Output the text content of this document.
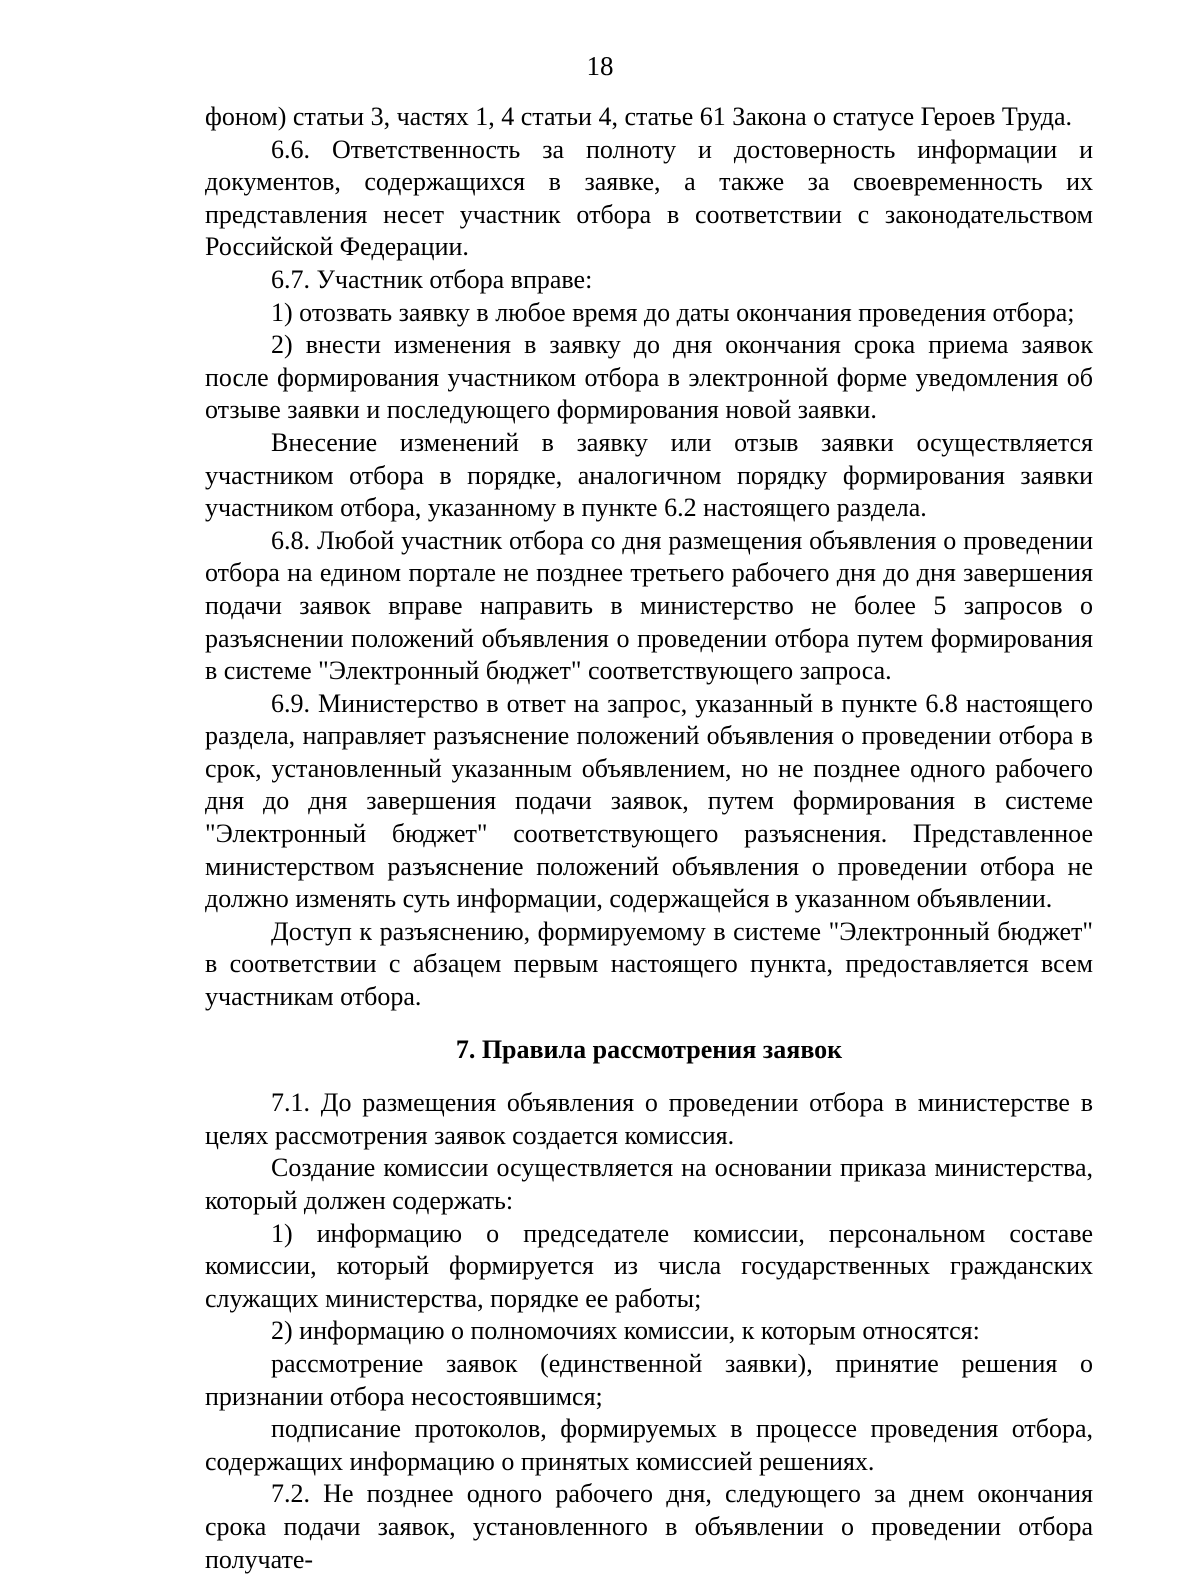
18

фоном) статьи 3, частях 1, 4 статьи 4, статье 61 Закона о статусе Героев Труда.

6.6. Ответственность за полноту и достоверность информации и документов, содержащихся в заявке, а также за своевременность их представления несет участник отбора в соответствии с законодательством Российской Федерации.

6.7. Участник отбора вправе:

1) отозвать заявку в любое время до даты окончания проведения отбора;

2) внести изменения в заявку до дня окончания срока приема заявок после формирования участником отбора в электронной форме уведомления об отзыве заявки и последующего формирования новой заявки.

Внесение изменений в заявку или отзыв заявки осуществляется участником отбора в порядке, аналогичном порядку формирования заявки участником отбора, указанному в пункте 6.2 настоящего раздела.

6.8. Любой участник отбора со дня размещения объявления о проведении отбора на едином портале не позднее третьего рабочего дня до дня завершения подачи заявок вправе направить в министерство не более 5 запросов о разъяснении положений объявления о проведении отбора путем формирования в системе "Электронный бюджет" соответствующего запроса.

6.9. Министерство в ответ на запрос, указанный в пункте 6.8 настоящего раздела, направляет разъяснение положений объявления о проведении отбора в срок, установленный указанным объявлением, но не позднее одного рабочего дня до дня завершения подачи заявок, путем формирования в системе "Электронный бюджет" соответствующего разъяснения. Представленное министерством разъяснение положений объявления о проведении отбора не должно изменять суть информации, содержащейся в указанном объявлении.

Доступ к разъяснению, формируемому в системе "Электронный бюджет" в соответствии с абзацем первым настоящего пункта, предоставляется всем участникам отбора.

7. Правила рассмотрения заявок

7.1. До размещения объявления о проведении отбора в министерстве в целях рассмотрения заявок создается комиссия.

Создание комиссии осуществляется на основании приказа министерства, который должен содержать:

1) информацию о председателе комиссии, персональном составе комиссии, который формируется из числа государственных гражданских служащих министерства, порядке ее работы;

2) информацию о полномочиях комиссии, к которым относятся:

рассмотрение заявок (единственной заявки), принятие решения о признании отбора несостоявшимся;

подписание протоколов, формируемых в процессе проведения отбора, содержащих информацию о принятых комиссией решениях.

7.2. Не позднее одного рабочего дня, следующего за днем окончания срока подачи заявок, установленного в объявлении о проведении отбора получате-
